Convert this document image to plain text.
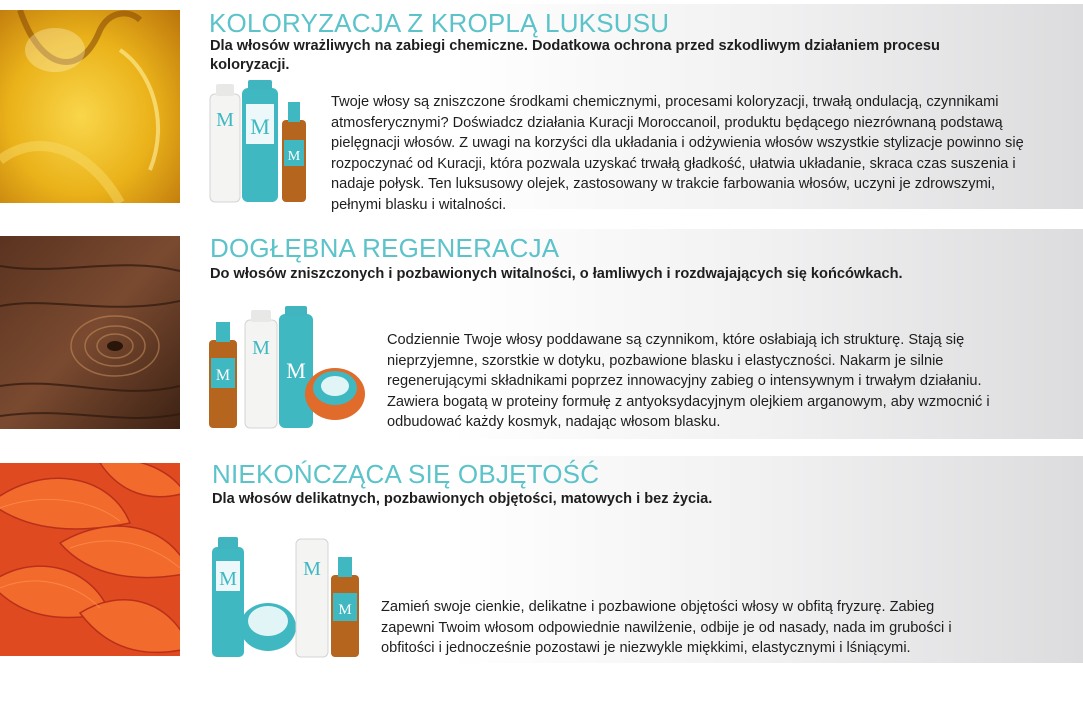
KOLORYZACJA Z KROPLĄ LUKSUSU

Dla włosów wrażliwych na zabiegi chemiczne. Dodatkowa ochrona przed szkodliwym działaniem procesu koloryzacji.

M M
M

Twoje włosy są zniszczone środkami chemicznymi, procesami koloryzacji, trwałą ondulacją, czynnikami atmosferycznymi? Doświadcz działania Kuracji Moroccanoil, produktu będącego niezrównaną podstawą pielęgnacji włosów. Z uwagi na korzyści dla układania i odżywienia włosów wszystkie stylizacje powinno się rozpoczynać od Kuracji, która pozwala uzyskać trwałą gładkość, ułatwia układanie, skraca czas suszenia i nadaje połysk. Ten luksusowy olejek, zastosowany w trakcie farbowania włosów, uczyni je zdrowszymi, pełnymi blasku i witalności.

DOGŁĘBNA REGENERACJA

Do włosów zniszczonych i pozbawionych witalności, o łamliwych i rozdwajających się końcówkach.

M
M
M

Codziennie Twoje włosy poddawane są czynnikom, które osłabiają ich strukturę. Stają się nieprzyjemne, szorstkie w dotyku, pozbawione blasku i elastyczności. Nakarm je silnie regenerującymi składnikami poprzez innowacyjny zabieg o intensywnym i trwałym działaniu. Zawiera bogatą w proteiny formułę z antyoksydacyjnym olejkiem arganowym, aby wzmocnić i odbudować każdy kosmyk, nadając włosom blasku.

NIEKOŃCZĄCA SIĘ OBJĘTOŚĆ

Dla włosów delikatnych, pozbawionych objętości, matowych i bez życia.

M	M
M Zamień swoje cienkie, delikatne i pozbawione objętości włosy w obfitą fryzurę. Zabieg zapewni Twoim włosom odpowiednie nawilżenie, odbije je od nasady, nada im grubości i obfitości i jednocześnie pozostawi je niezwykle miękkimi, elastycznymi i lśniącymi.
